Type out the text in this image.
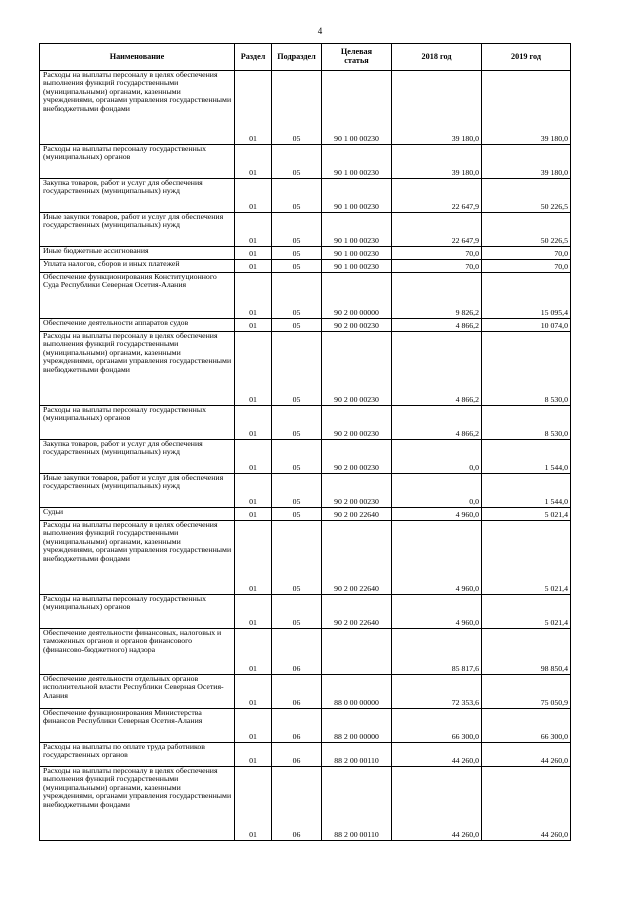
4
Наименование	Раздел	Подраздел	Целевая
статья	2018 год	2019 год
Расходы на выплаты персоналу в целях обеспечения выполнения функций государственными (муниципальными) органами, казенными учреждениями, органами управления государственными внебюджетными фондами	01	05	90 1 00 00230	39 180,0	39 180,0
Расходы на выплаты персоналу государственных (муниципальных) органов	01	05	90 1 00 00230	39 180,0	39 180,0
Закупка товаров, работ и услуг для обеспечения государственных (муниципальных) нужд	01	05	90 1 00 00230	22 647,9	50 226,5
Иные закупки товаров, работ и услуг для обеспечения государственных (муниципальных) нужд	01	05	90 1 00 00230	22 647,9	50 226,5
Иные бюджетные ассигнования	01	05	90 1 00 00230	70,0	70,0
Уплата налогов, сборов и иных платежей	01	05	90 1 00 00230	70,0	70,0
Обеспечение функционирования Конституционного Суда Республики Северная Осетия-Алания	01	05	90 2 00 00000	9 826,2	15 095,4
Обеспечение деятельности аппаратов судов	01	05	90 2 00 00230	4 866,2	10 074,0
Расходы на выплаты персоналу в целях обеспечения выполнения функций государственными (муниципальными) органами, казенными учреждениями, органами управления государственными внебюджетными фондами	01	05	90 2 00 00230	4 866,2	8 530,0
Расходы на выплаты персоналу государственных (муниципальных) органов	01	05	90 2 00 00230	4 866,2	8 530,0
Закупка товаров, работ и услуг для обеспечения государственных (муниципальных) нужд	01	05	90 2 00 00230	0,0	1 544,0
Иные закупки товаров, работ и услуг для обеспечения государственных (муниципальных) нужд	01	05	90 2 00 00230	0,0	1 544,0
Судьи	01	05	90 2 00 22640	4 960,0	5 021,4
Расходы на выплаты персоналу в целях обеспечения выполнения функций государственными (муниципальными) органами, казенными учреждениями, органами управления государственными внебюджетными фондами	01	05	90 2 00 22640	4 960,0	5 021,4
Расходы на выплаты персоналу государственных (муниципальных) органов	01	05	90 2 00 22640	4 960,0	5 021,4
Обеспечение деятельности финансовых, налоговых и таможенных органов и органов финансового (финансово-бюджетного) надзора	01	06		85 817,6	98 850,4
Обеспечение деятельности отдельных органов исполнительной власти Республики Северная Осетия-Алания	01	06	88 0 00 00000	72 353,6	75 050,9
Обеспечение функционирования Министерства финансов Республики Северная Осетия-Алания	01	06	88 2 00 00000	66 300,0	66 300,0
Расходы на выплаты по оплате труда работников государственных органов	01	06	88 2 00 00110	44 260,0	44 260,0
Расходы на выплаты персоналу в целях обеспечения выполнения функций государственными (муниципальными) органами, казенными учреждениями, органами управления государственными внебюджетными фондами	01	06	88 2 00 00110	44 260,0	44 260,0
